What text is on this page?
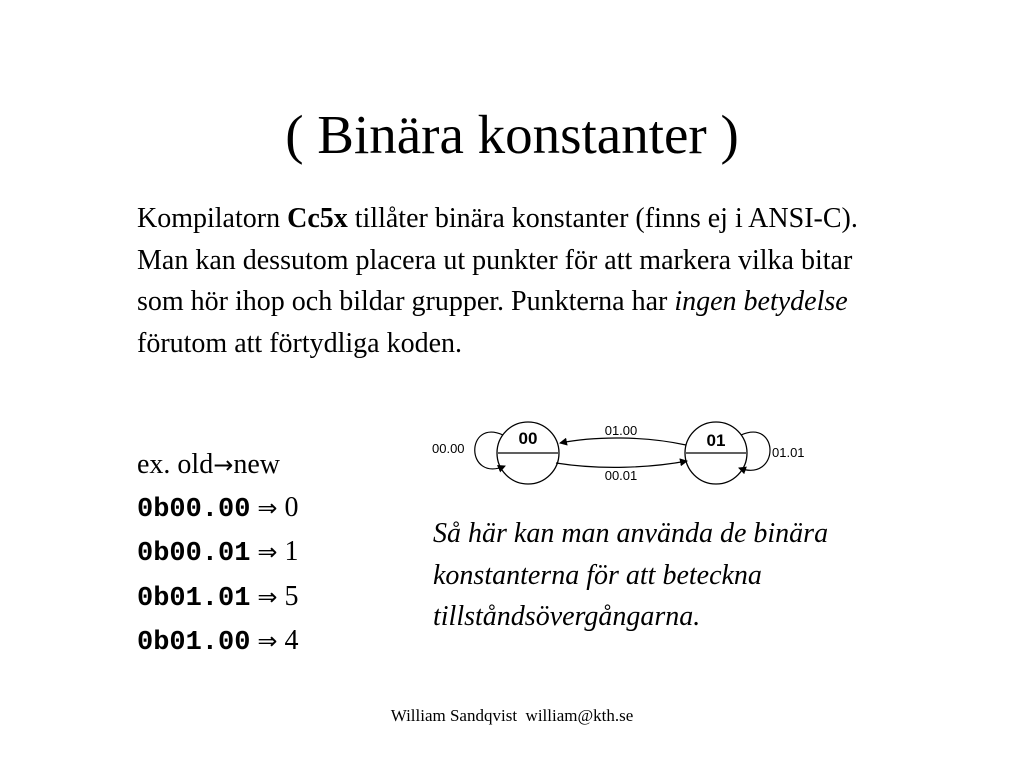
( Binära konstanter )
Kompilatorn Cc5x tillåter binära konstanter (finns ej i ANSI-C). Man kan dessutom placera ut punkter för att markera vilka bitar som hör ihop och bildar grupper. Punkterna har ingen betydelse förutom att förtydliga koden.
ex. old→new
0b00.00 ⇒ 0
0b00.01 ⇒ 1
0b01.01 ⇒ 5
0b01.00 ⇒ 4
00	01
00.00	01.01
01.00
00.01
Så här kan man använda de binära konstanterna för att beteckna tillståndsövergångarna.
William Sandqvist  william@kth.se
